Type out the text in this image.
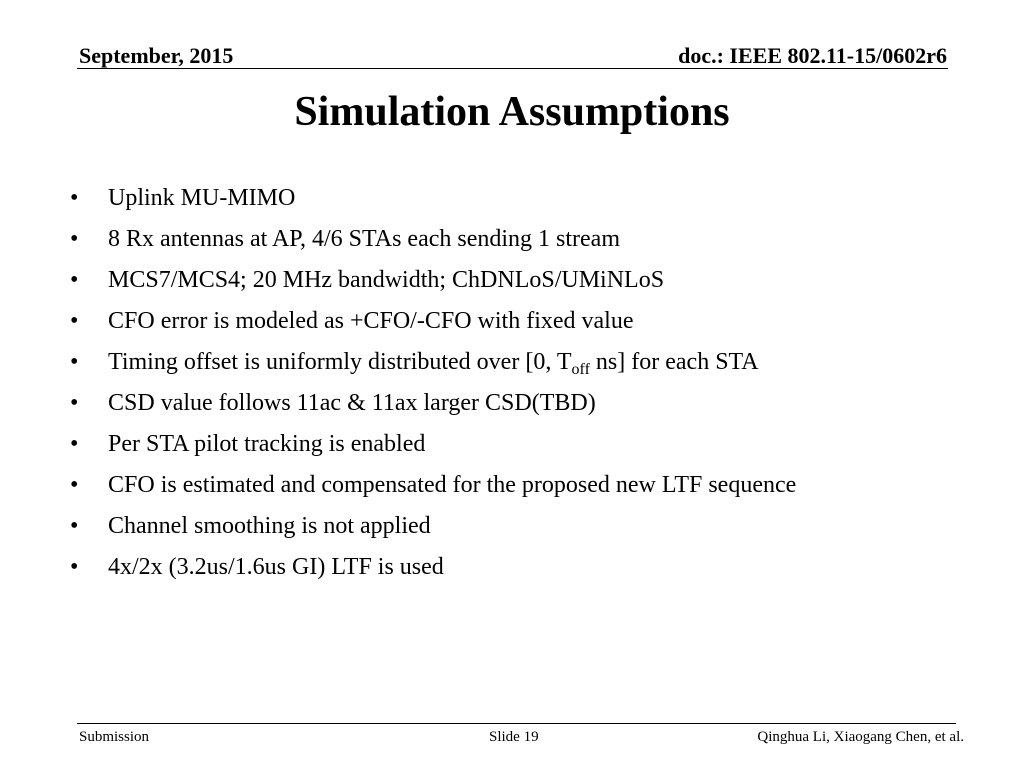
September, 2015	doc.: IEEE 802.11-15/0602r6
Simulation Assumptions
•	Uplink MU-MIMO
•	8 Rx antennas at AP, 4/6 STAs each sending 1 stream
•	MCS7/MCS4; 20 MHz bandwidth; ChDNLoS/UMiNLoS
•	CFO error is modeled as +CFO/-CFO with fixed value
•	Timing offset is uniformly distributed over [0, $T_{off}$ ns] for each STA
•	CSD value follows 11ac & 11ax larger CSD(TBD)
•	Per STA pilot tracking is enabled
•	CFO is estimated and compensated for the proposed new LTF sequence
•	Channel smoothing is not applied
•	4x/2x (3.2us/1.6us GI) LTF is used
Submission	Slide 19	Qinghua Li, Xiaogang Chen, et al.
